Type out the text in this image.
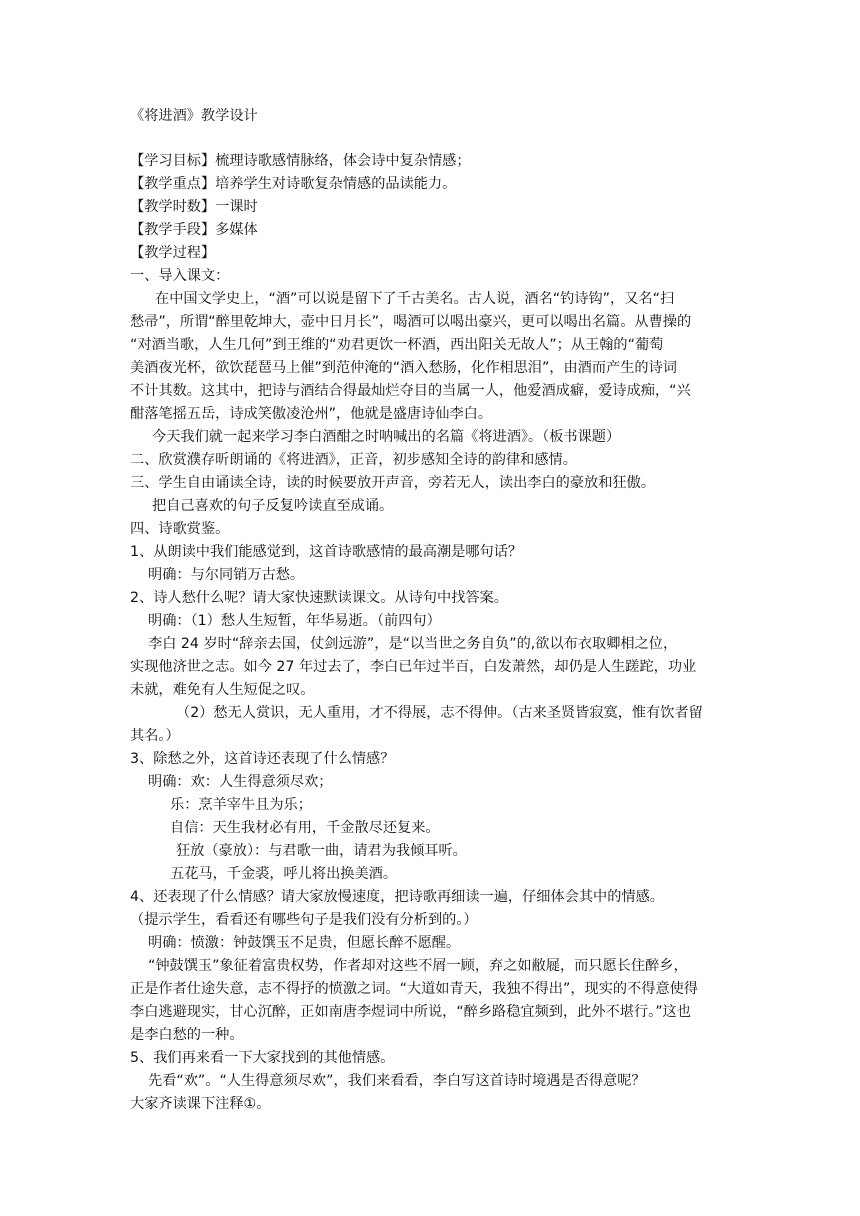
《将进酒》教学设计
【学习目标】梳理诗歌感情脉络，体会诗中复杂情感；
【教学重点】培养学生对诗歌复杂情感的品读能力。
【教学时数】一课时
【教学手段】多媒体
【教学过程】
一、导入课文：
在中国文学史上，“酒”可以说是留下了千古美名。古人说，酒名“钓诗钩”，又名“扫
愁帚”，所谓“醉里乾坤大，壶中日月长”，喝酒可以喝出豪兴，更可以喝出名篇。从曹操的
“对酒当歌，人生几何”到王维的“劝君更饮一杯酒，西出阳关无故人”；从王翰的“葡萄
美酒夜光杯，欲饮琵琶马上催”到范仲淹的“酒入愁肠，化作相思泪”，由酒而产生的诗词
不计其数。这其中，把诗与酒结合得最灿烂夺目的当属一人，他爱酒成癖，爱诗成痴，“兴
酣落笔摇五岳，诗成笑傲凌沧州”，他就是盛唐诗仙李白。
今天我们就一起来学习李白酒酣之时呐喊出的名篇《将进酒》。（板书课题）
二、欣赏濮存昕朗诵的《将进酒》，正音，初步感知全诗的韵律和感情。
三、学生自由诵读全诗，读的时候要放开声音，旁若无人，读出李白的豪放和狂傲。
把自己喜欢的句子反复吟读直至成诵。
四、诗歌赏鉴。
1、从朗读中我们能感觉到，这首诗歌感情的最高潮是哪句话？
明确：与尔同销万古愁。
2、诗人愁什么呢？请大家快速默读课文。从诗句中找答案。
明确：（1）愁人生短暂，年华易逝。（前四句）
李白 24 岁时“辞亲去国，仗剑远游”，是“以当世之务自负”的,欲以布衣取卿相之位，
实现他济世之志。如今 27 年过去了，李白已年过半百，白发萧然，却仍是人生蹉跎，功业
未就，难免有人生短促之叹。
（2）愁无人赏识，无人重用，才不得展，志不得伸。（古来圣贤皆寂寞，惟有饮者留
其名。）
3、除愁之外，这首诗还表现了什么情感？
明确：欢：人生得意须尽欢；
乐：烹羊宰牛且为乐；
自信：天生我材必有用，千金散尽还复来。
狂放（豪放）：与君歌一曲，请君为我倾耳听。
五花马，千金裘，呼儿将出换美酒。
4、还表现了什么情感？请大家放慢速度，把诗歌再细读一遍，仔细体会其中的情感。
（提示学生，看看还有哪些句子是我们没有分析到的。）
明确：愤激：钟鼓馔玉不足贵，但愿长醉不愿醒。
“钟鼓馔玉”象征着富贵权势，作者却对这些不屑一顾，弃之如敝屣，而只愿长住醉乡，
正是作者仕途失意，志不得抒的愤激之词。“大道如青天，我独不得出”，现实的不得意使得
李白逃避现实，甘心沉醉，正如南唐李煜词中所说，“醉乡路稳宜频到，此外不堪行。”这也
是李白愁的一种。
5、我们再来看一下大家找到的其他情感。
先看“欢”。“人生得意须尽欢”，我们来看看，李白写这首诗时境遇是否得意呢？
大家齐读课下注释①。
